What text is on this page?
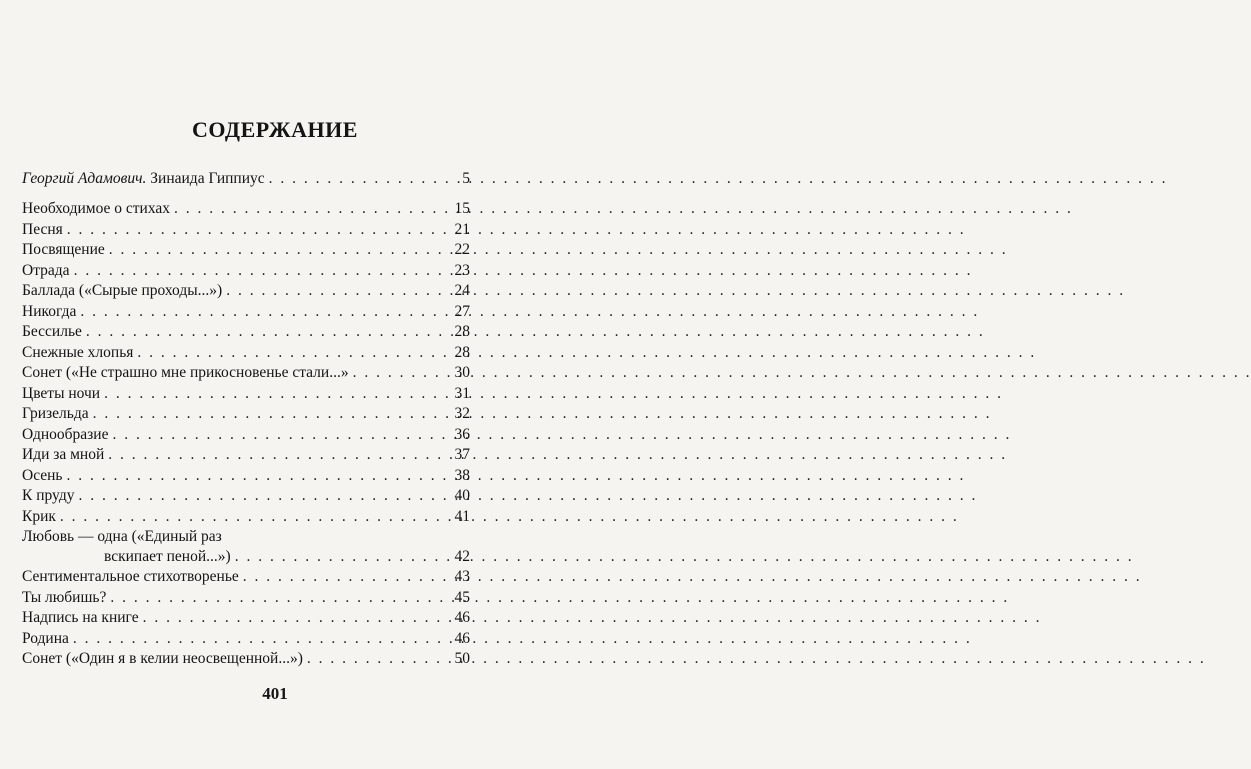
СОДЕРЖАНИЕ
Георгий Адамович. Зинаида Гиппиус . . .	5
Необходимое о стихах . . .	15
Песня . . .	21
Посвящение . . .	22
Отрада . . .	23
Баллада («Сырые проходы...») . . .	24
Никогда . . .	27
Бессилье . . .	28
Снежные хлопья . . .	28
Сонет («Не страшно мне прикосновенье стали...» . . .	30
Цветы ночи . . .	31
Гризельда . . .	32
Однообразие . . .	36
Иди за мной . . .	37
Осень . . .	38
К пруду . . .	40
Крик . . .	41
Любовь — одна («Единый раз
вскипает пеной...») . . .	42
Сентиментальное стихотворенье . . .	43
Ты любишь? . . .	45
Надпись на книге . . .	46
Родина . . .	46
Сонет («Один я в келии неосвещенной...») . . .	50
401
